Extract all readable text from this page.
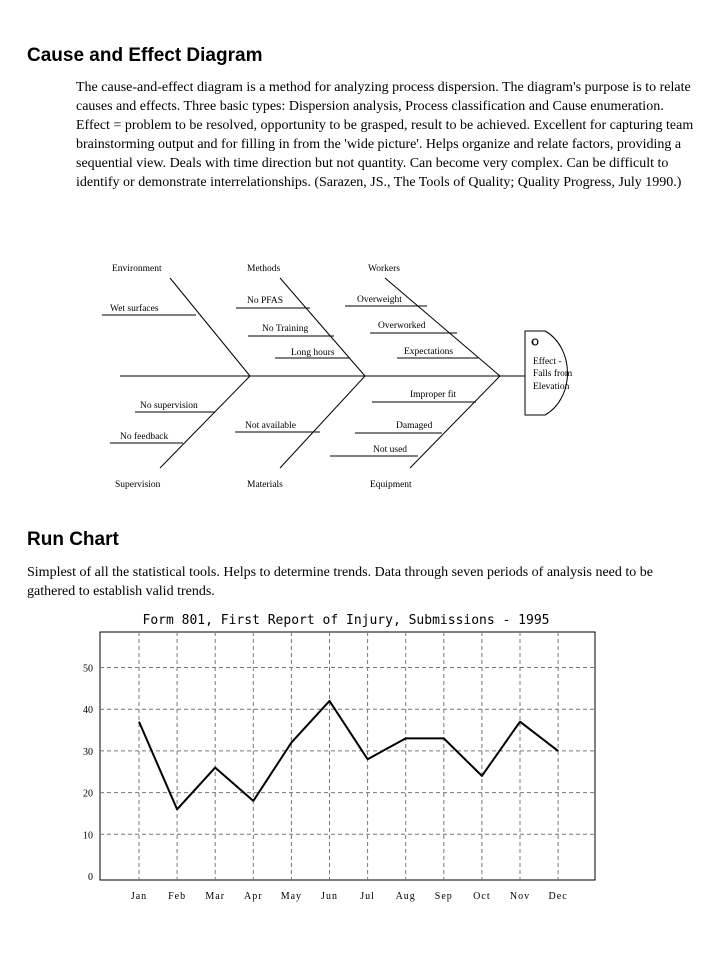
Cause and Effect Diagram
The cause-and-effect diagram is a method for analyzing process dispersion. The diagram's purpose is to relate causes and effects. Three basic types: Dispersion analysis, Process classification and Cause enumeration. Effect = problem to be resolved, opportunity to be grasped, result to be achieved. Excellent for capturing team brainstorming output and for filling in from the 'wide picture'. Helps organize and relate factors, providing a sequential view. Deals with time direction but not quantity. Can become very complex. Can be difficult to identify or demonstrate interrelationships. (Sarazen, JS., The Tools of Quality; Quality Progress, July 1990.)
Environment	Methods	Workers
Supervision	Materials	Equipment
Wet surfaces
No PFAS
No Training
Long hours
Overweight
Overworked
Expectations
No supervision
No feedback
Not available
Improper fit
Damaged
Not used
O
Effect -
Falls from
Elevation
Run Chart
Simplest of all the statistical tools. Helps to determine trends. Data through seven periods of analysis need to be gathered to establish valid trends.
Form 801, First Report of Injury, Submissions - 1995
0
10
20
30
40
50
Jan Feb Mar Apr May Jun Jul Aug Sep Oct Nov Dec
